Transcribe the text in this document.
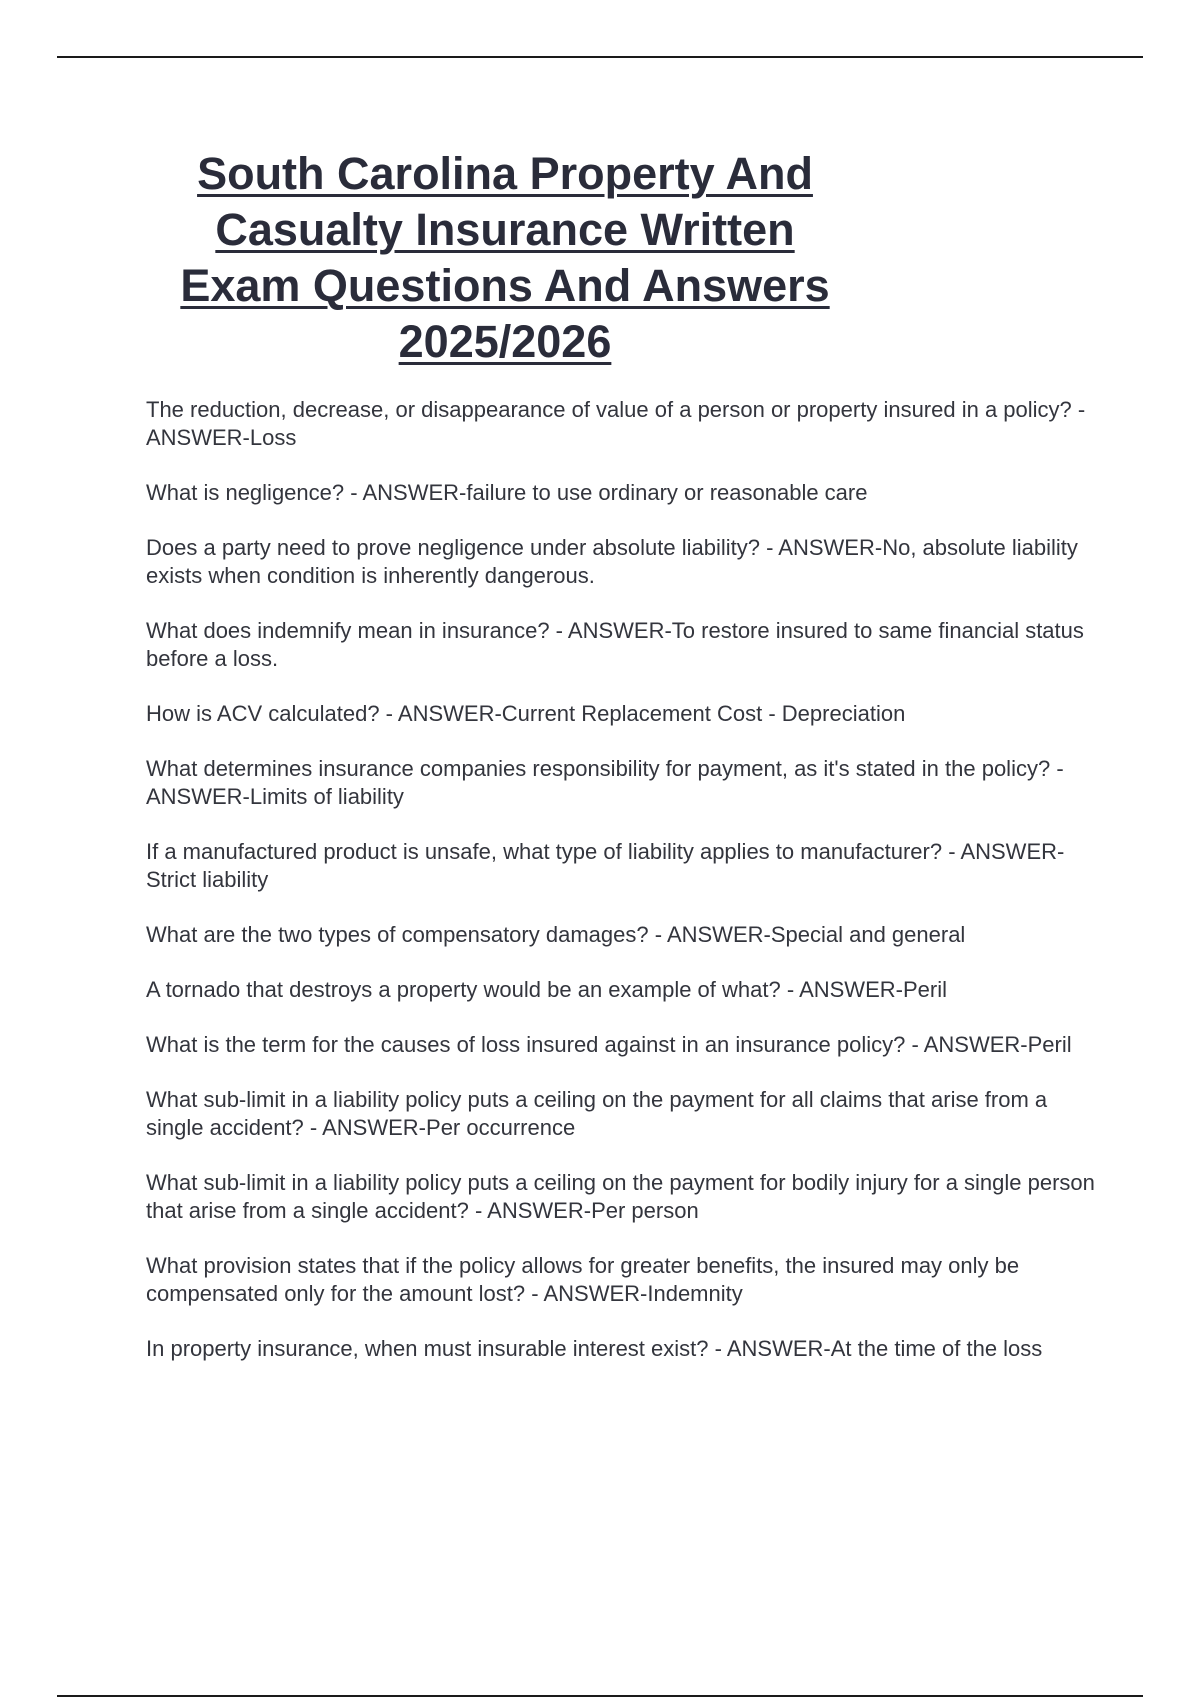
South Carolina Property And
Casualty Insurance Written
Exam Questions And Answers
2025/2026
The reduction, decrease, or disappearance of value of a person or property insured in a policy? - ANSWER-Loss
What is negligence? - ANSWER-failure to use ordinary or reasonable care
Does a party need to prove negligence under absolute liability? - ANSWER-No, absolute liability exists when condition is inherently dangerous.
What does indemnify mean in insurance? - ANSWER-To restore insured to same financial status before a loss.
How is ACV calculated? - ANSWER-Current Replacement Cost - Depreciation
What determines insurance companies responsibility for payment, as it's stated in the policy? - ANSWER-Limits of liability
If a manufactured product is unsafe, what type of liability applies to manufacturer? - ANSWER-Strict liability
What are the two types of compensatory damages? - ANSWER-Special and general
A tornado that destroys a property would be an example of what? - ANSWER-Peril
What is the term for the causes of loss insured against in an insurance policy? - ANSWER-Peril
What sub-limit in a liability policy puts a ceiling on the payment for all claims that arise from a single accident? - ANSWER-Per occurrence
What sub-limit in a liability policy puts a ceiling on the payment for bodily injury for a single person that arise from a single accident? - ANSWER-Per person
What provision states that if the policy allows for greater benefits, the insured may only be compensated only for the amount lost? - ANSWER-Indemnity
In property insurance, when must insurable interest exist? - ANSWER-At the time of the loss
